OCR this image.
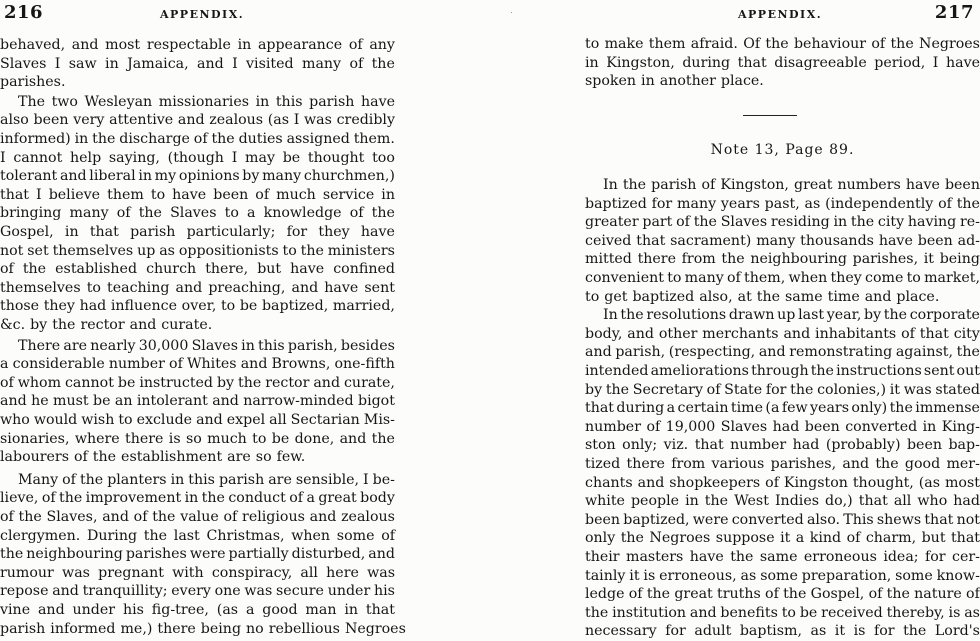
216	APPENDIX.
behaved, and most respectable in appearance of any
Slaves I saw in Jamaica, and I visited many of the
parishes.
The two Wesleyan missionaries in this parish have
also been very attentive and zealous (as I was credibly
informed) in the discharge of the duties assigned them.
I cannot help saying, (though I may be thought too
tolerant and liberal in my opinions by many churchmen,)
that I believe them to have been of much service in
bringing many of the Slaves to a knowledge of the
Gospel, in that parish particularly; for they have
not set themselves up as oppositionists to the ministers
of the established church there, but have confined
themselves to teaching and preaching, and have sent
those they had influence over, to be baptized, married,
&c. by the rector and curate.
There are nearly 30,000 Slaves in this parish, besides
a considerable number of Whites and Browns, one-fifth
of whom cannot be instructed by the rector and curate,
and he must be an intolerant and narrow-minded bigot
who would wish to exclude and expel all Sectarian Mis-
sionaries, where there is so much to be done, and the
labourers of the establishment are so few.
Many of the planters in this parish are sensible, I be-
lieve, of the improvement in the conduct of a great body
of the Slaves, and of the value of religious and zealous
clergymen. During the last Christmas, when some of
the neighbouring parishes were partially disturbed, and
rumour was pregnant with conspiracy, all here was
repose and tranquillity; every one was secure under his
vine and under his fig-tree, (as a good man in that
parish informed me,) there being no rebellious Negroes
APPENDIX.	217
to make them afraid. Of the behaviour of the Negroes
in Kingston, during that disagreeable period, I have
spoken in another place.
Note 13, Page 89.
In the parish of Kingston, great numbers have been
baptized for many years past, as (independently of the
greater part of the Slaves residing in the city having re-
ceived that sacrament) many thousands have been ad-
mitted there from the neighbouring parishes, it being
convenient to many of them, when they come to market,
to get baptized also, at the same time and place.
In the resolutions drawn up last year, by the corporate
body, and other merchants and inhabitants of that city
and parish, (respecting, and remonstrating against, the
intended ameliorations through the instructions sent out
by the Secretary of State for the colonies,) it was stated
that during a certain time (a few years only) the immense
number of 19,000 Slaves had been converted in King-
ston only; viz. that number had (probably) been bap-
tized there from various parishes, and the good mer-
chants and shopkeepers of Kingston thought, (as most
white people in the West Indies do,) that all who had
been baptized, were converted also. This shews that not
only the Negroes suppose it a kind of charm, but that
their masters have the same erroneous idea; for cer-
tainly it is erroneous, as some preparation, some know-
ledge of the great truths of the Gospel, of the nature of
the institution and benefits to be received thereby, is as
necessary for adult baptism, as it is for the Lord's
